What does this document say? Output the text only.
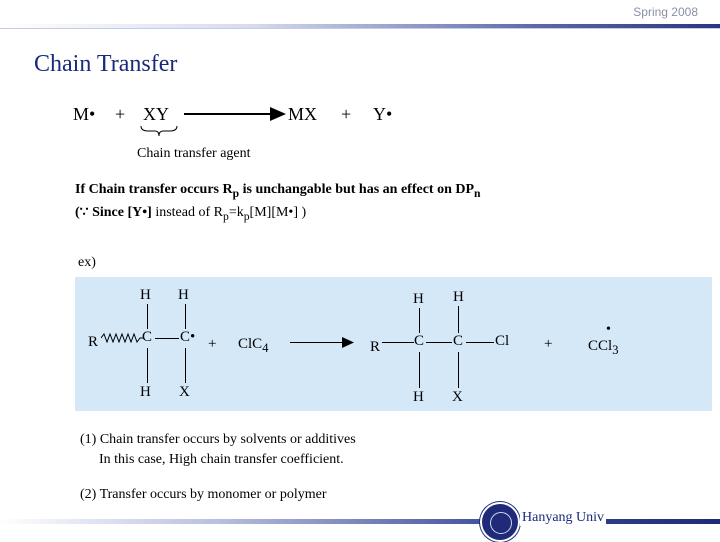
Spring 2008
Chain Transfer
M• + XY	MX + Y•
Chain transfer agent
If Chain transfer occurs $R_p$ is unchangable but has an effect on $DP_n$
(∵ Since [Y•] instead of $R_p=k_p[M][M•]$ )
ex)
H H
R	C C•
H X
+ ClC$_4$
H H
R C C Cl
H X
+
•
CCl$_3$
(1) Chain transfer occurs by solvents or additives
In this case, High chain transfer coefficient.
(2) Transfer occurs by monomer or polymer
Hanyang Univ
